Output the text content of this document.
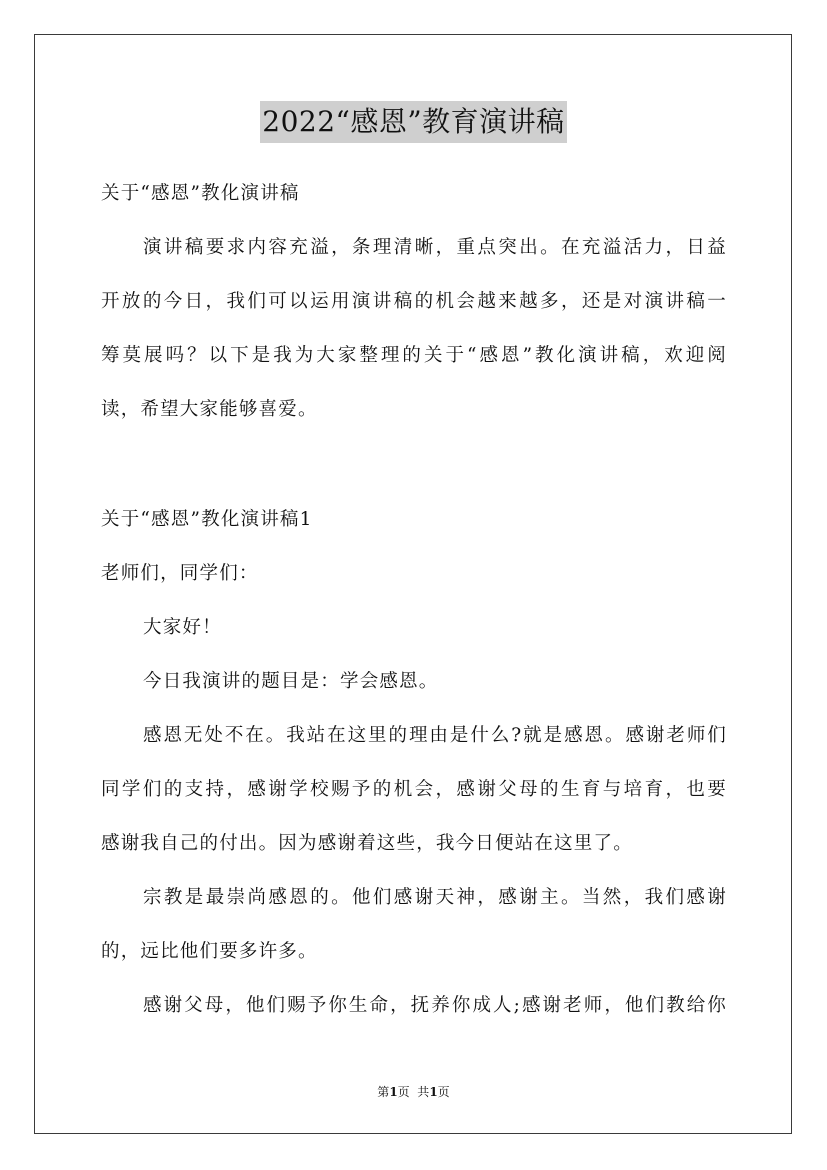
2022“感恩”教育演讲稿
关于“感恩”教化演讲稿
演讲稿要求内容充溢，条理清晰，重点突出。在充溢活力，日益
开放的今日，我们可以运用演讲稿的机会越来越多，还是对演讲稿一
筹莫展吗？以下是我为大家整理的关于“感恩”教化演讲稿，欢迎阅
读，希望大家能够喜爱。
关于“感恩”教化演讲稿1
老师们，同学们：
大家好！
今日我演讲的题目是：学会感恩。
感恩无处不在。我站在这里的理由是什么?就是感恩。感谢老师们
同学们的支持，感谢学校赐予的机会，感谢父母的生育与培育，也要
感谢我自己的付出。因为感谢着这些，我今日便站在这里了。
宗教是最崇尚感恩的。他们感谢天神，感谢主。当然，我们感谢
的，远比他们要多许多。
感谢父母，他们赐予你生命，抚养你成人;感谢老师，他们教给你
第1页  共1页
